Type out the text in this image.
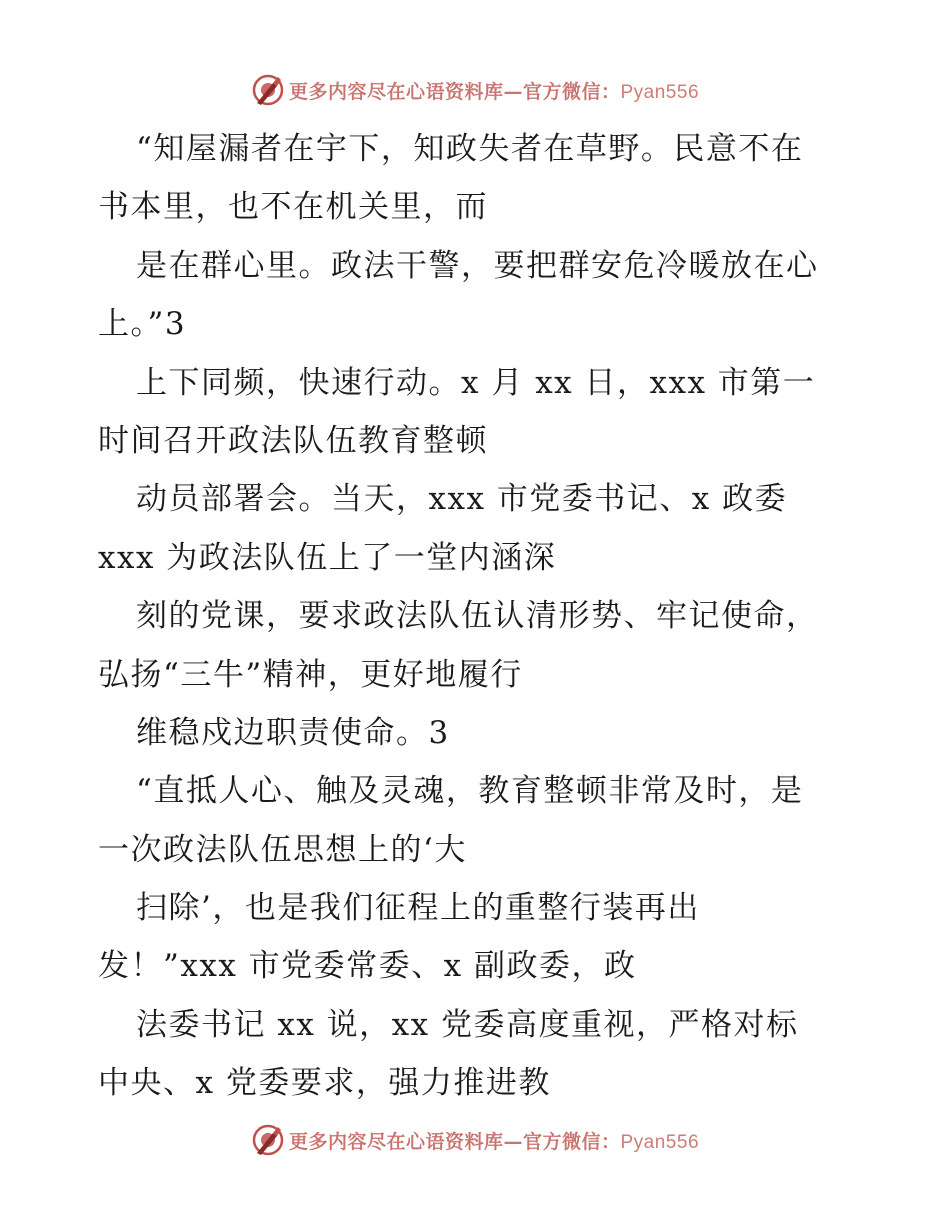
更多内容尽在心语资料库—官方微信：Pyan556
“知屋漏者在宇下，知政失者在草野。民意不在
书本里，也不在机关里，而
是在群心里。政法干警，要把群安危冷暖放在心
上。”3
上下同频，快速行动。x 月 xx 日，xxx 市第一
时间召开政法队伍教育整顿
动员部署会。当天，xxx 市党委书记、x 政委
xxx 为政法队伍上了一堂内涵深
刻的党课，要求政法队伍认清形势、牢记使命，
弘扬“三牛”精神，更好地履行
维稳戍边职责使命。3
“直抵人心、触及灵魂，教育整顿非常及时，是
一次政法队伍思想上的‘大
扫除’，也是我们征程上的重整行装再出
发！”xxx 市党委常委、x 副政委，政
法委书记 xx 说，xx 党委高度重视，严格对标
中央、x 党委要求，强力推进教
更多内容尽在心语资料库—官方微信：Pyan556
